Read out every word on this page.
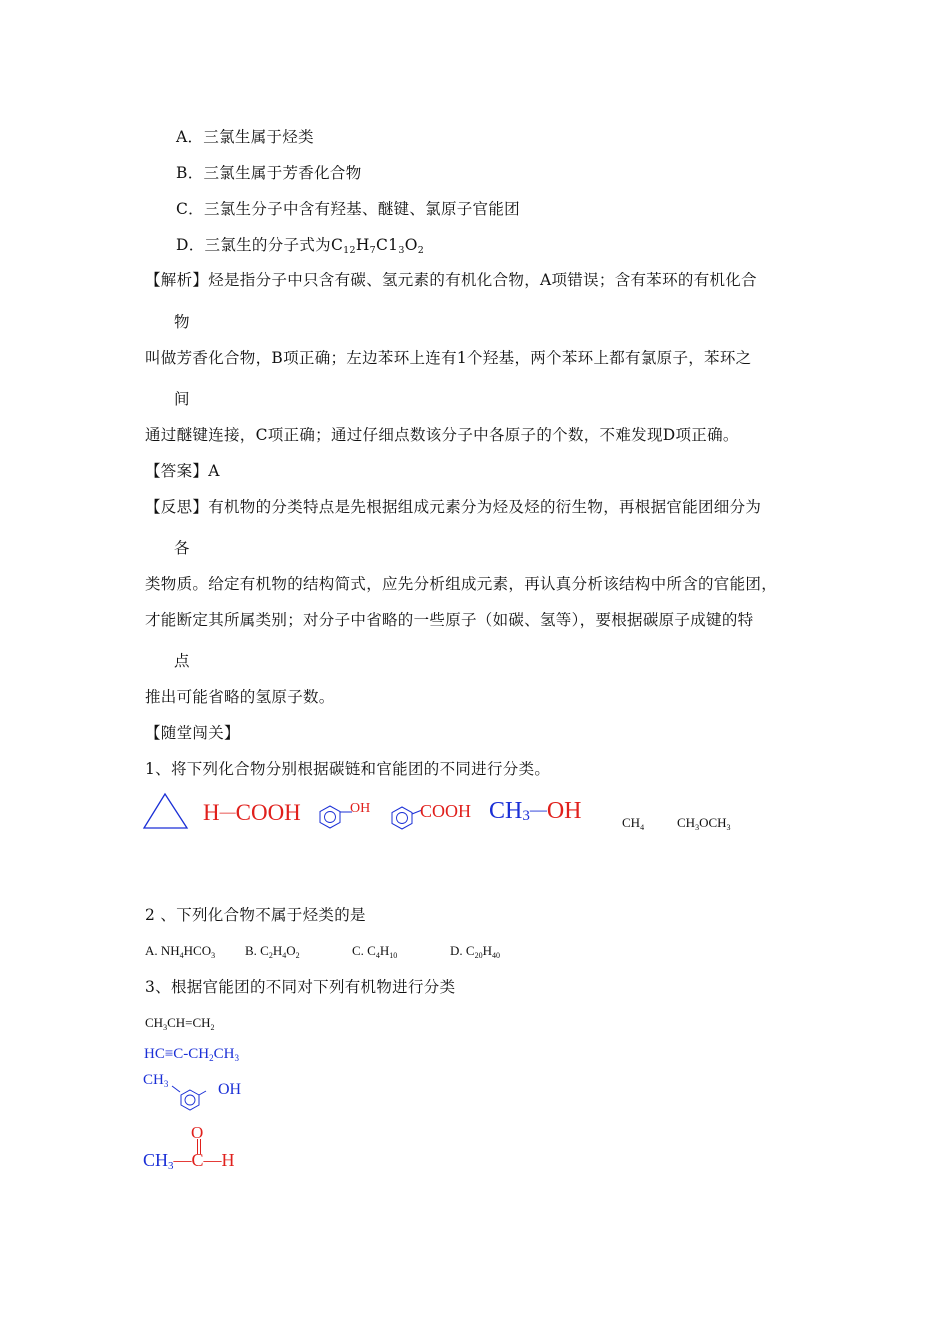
A．三氯生属于烃类
B．三氯生属于芳香化合物
C．三氯生分子中含有羟基、醚键、氯原子官能团
D．三氯生的分子式为$C_{12}H_7C1_3O_2$
【解析】烃是指分子中只含有碳、氢元素的有机化合物，A项错误；含有苯环的有机化合
物
叫做芳香化合物，B项正确；左边苯环上连有1个羟基，两个苯环上都有氯原子，苯环之
间
通过醚键连接，C项正确；通过仔细点数该分子中各原子的个数，不难发现D项正确。
【答案】A
【反思】有机物的分类特点是先根据组成元素分为烃及烃的衍生物，再根据官能团细分为
各
类物质。给定有机物的结构简式，应先分析组成元素，再认真分析该结构中所含的官能团，
才能断定其所属类别；对分子中省略的一些原子（如碳、氢等），要根据碳原子成键的特
点
推出可能省略的氢原子数。
【随堂闯关】
1、将下列化合物分别根据碳链和官能团的不同进行分类。
H—COOH	OH	COOH CH3—OH	$CH_4$	$CH_3OCH_3$
2 、下列化合物不属于烃类的是
A. $NH_4HCO_3$ B. $C_2H_4O_2$	C. $C_4H_{10}$	D. $C_{20}H_{40}$
3、根据官能团的不同对下列有机物进行分类
$CH_3CH=CH_2$
$HC\equiv C-CH_2CH_3$
$CH_3$	OH
O
$CH_3—C—H$
